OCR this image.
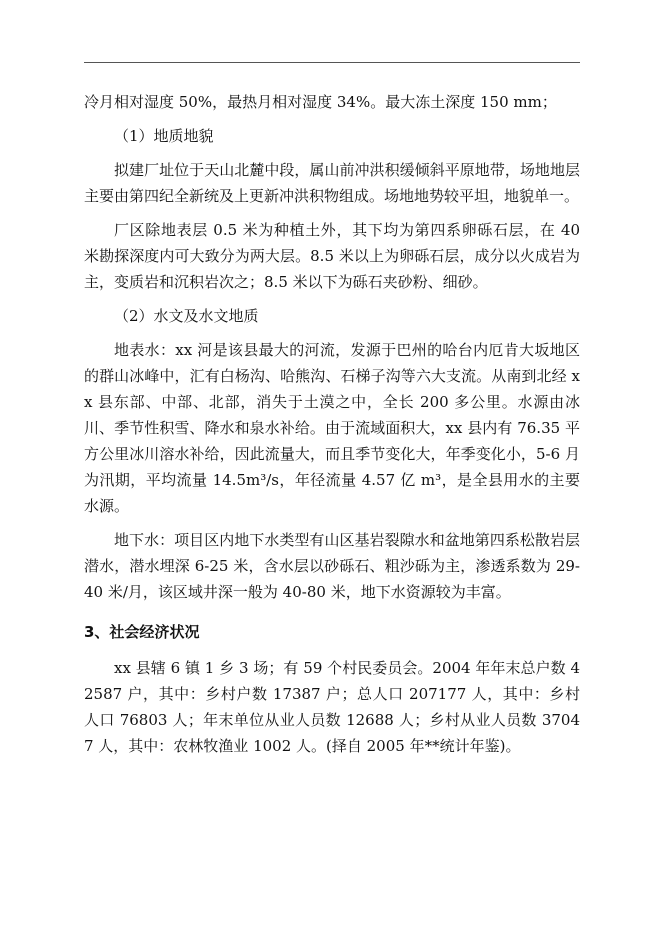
冷月相对湿度 50%，最热月相对湿度 34%。最大冻土深度 150 mm；

（1）地质地貌

拟建厂址位于天山北麓中段，属山前冲洪积缓倾斜平原地带，场地地层主要由第四纪全新统及上更新冲洪积物组成。场地地势较平坦，地貌单一。

厂区除地表层 0.5 米为种植土外，其下均为第四系卵砾石层，在 40 米勘探深度内可大致分为两大层。8.5 米以上为卵砾石层，成分以火成岩为主，变质岩和沉积岩次之；8.5 米以下为砾石夹砂粉、细砂。

（2）水文及水文地质

地表水：xx 河是该县最大的河流，发源于巴州的哈台内厄肯大坂地区的群山冰峰中，汇有白杨沟、哈熊沟、石梯子沟等六大支流。从南到北经 xx 县东部、中部、北部，消失于土漠之中，全长 200 多公里。水源由冰川、季节性积雪、降水和泉水补给。由于流域面积大，xx 县内有 76.35 平方公里冰川溶水补给，因此流量大，而且季节变化大，年季变化小，5-6 月为汛期，平均流量 14.5m³/s，年径流量 4.57 亿 m³，是全县用水的主要水源。

地下水：项目区内地下水类型有山区基岩裂隙水和盆地第四系松散岩层潜水，潜水埋深 6-25 米，含水层以砂砾石、粗沙砾为主，渗透系数为 29-40 米/月，该区域井深一般为 40-80 米，地下水资源较为丰富。

3、社会经济状况

xx 县辖 6 镇 1 乡 3 场；有 59 个村民委员会。2004 年年末总户数 42587 户，其中：乡村户数 17387 户；总人口 207177 人，其中：乡村人口 76803 人；年末单位从业人员数 12688 人；乡村从业人员数 37047 人，其中：农林牧渔业 1002 人。(择自 2005 年**统计年鉴)。
